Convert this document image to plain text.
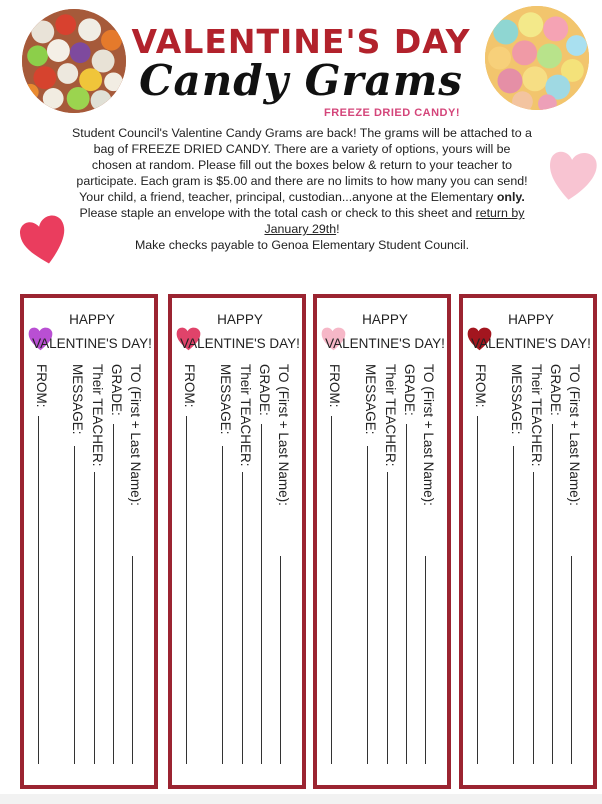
VALENTINE'S DAY
Candy Grams
FREEZE DRIED CANDY!

Student Council's Valentine Candy Grams are back! The grams will be attached to a bag of FREEZE DRIED CANDY. There are a variety of options, yours will be chosen at random. Please fill out the boxes below & return to your teacher to participate. Each gram is $5.00 and there are no limits to how many you can send! Your child, a friend, teacher, principal, custodian...anyone at the Elementary only.

Please staple an envelope with the total cash or check to this sheet and return by January 29th!

Make checks payable to Genoa Elementary Student Council.

HAPPY VALENTINE'S DAY!
TO (First + Last Name):
GRADE:
Their TEACHER:
MESSAGE:
FROM:
HAPPY VALENTINE'S DAY!
TO (First + Last Name):
GRADE:
Their TEACHER:
MESSAGE:
FROM:
HAPPY VALENTINE'S DAY!
TO (First + Last Name):
GRADE:
Their TEACHER:
MESSAGE:
FROM:
HAPPY VALENTINE'S DAY!
TO (First + Last Name):
GRADE:
Their TEACHER:
MESSAGE:
FROM:
